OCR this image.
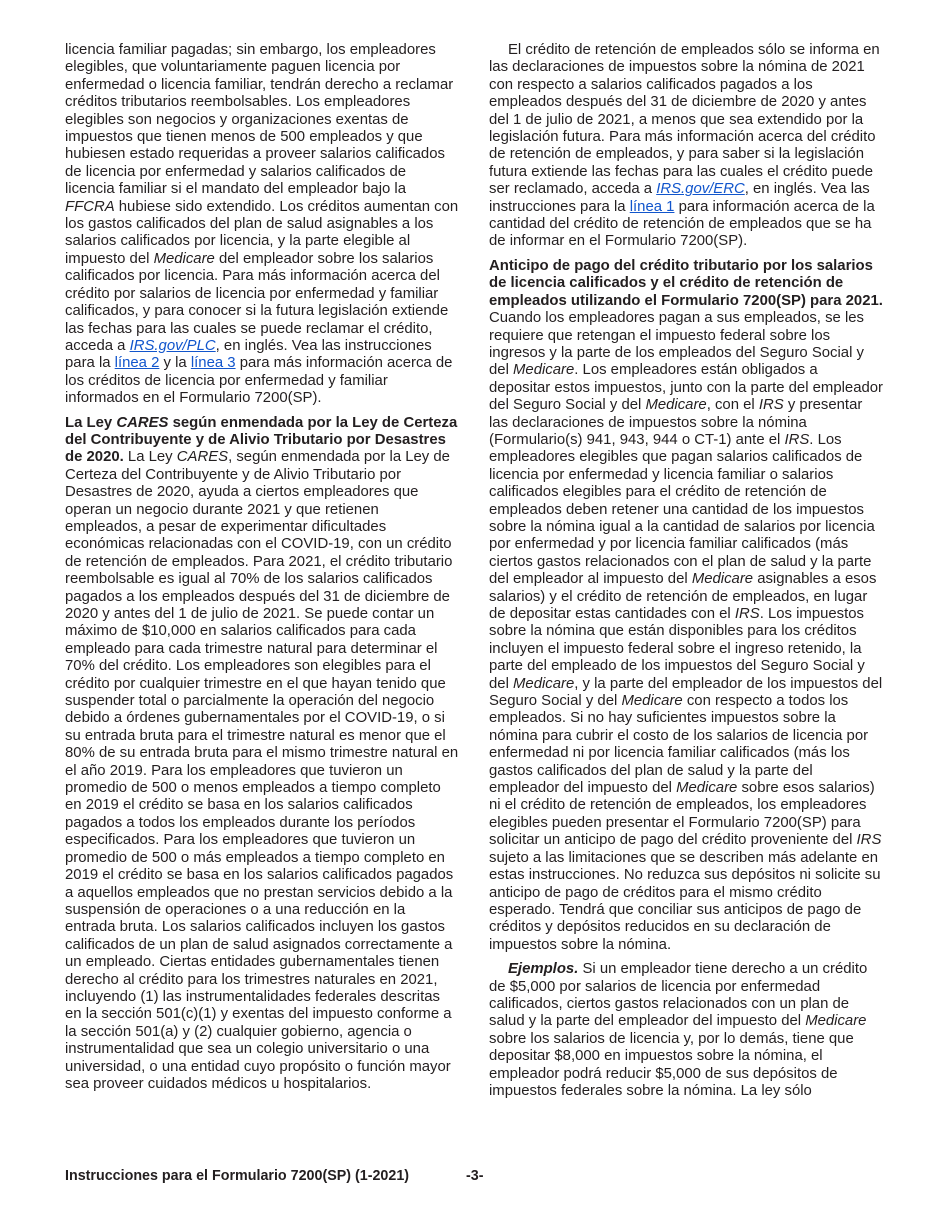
licencia familiar pagadas; sin embargo, los empleadores elegibles, que voluntariamente paguen licencia por enfermedad o licencia familiar, tendrán derecho a reclamar créditos tributarios reembolsables. Los empleadores elegibles son negocios y organizaciones exentas de impuestos que tienen menos de 500 empleados y que hubiesen estado requeridas a proveer salarios calificados de licencia por enfermedad y salarios calificados de licencia familiar si el mandato del empleador bajo la FFCRA hubiese sido extendido. Los créditos aumentan con los gastos calificados del plan de salud asignables a los salarios calificados por licencia, y la parte elegible al impuesto del Medicare del empleador sobre los salarios calificados por licencia. Para más información acerca del crédito por salarios de licencia por enfermedad y familiar calificados, y para conocer si la futura legislación extiende las fechas para las cuales se puede reclamar el crédito, acceda a IRS.gov/PLC, en inglés. Vea las instrucciones para la línea 2 y la línea 3 para más información acerca de los créditos de licencia por enfermedad y familiar informados en el Formulario 7200(SP).

La Ley CARES según enmendada por la Ley de Certeza del Contribuyente y de Alivio Tributario por Desastres de 2020. La Ley CARES, según enmendada por la Ley de Certeza del Contribuyente y de Alivio Tributario por Desastres de 2020, ayuda a ciertos empleadores que operan un negocio durante 2021 y que retienen empleados, a pesar de experimentar dificultades económicas relacionadas con el COVID-19, con un crédito de retención de empleados. Para 2021, el crédito tributario reembolsable es igual al 70% de los salarios calificados pagados a los empleados después del 31 de diciembre de 2020 y antes del 1 de julio de 2021. Se puede contar un máximo de $10,000 en salarios calificados para cada empleado para cada trimestre natural para determinar el 70% del crédito. Los empleadores son elegibles para el crédito por cualquier trimestre en el que hayan tenido que suspender total o parcialmente la operación del negocio debido a órdenes gubernamentales por el COVID-19, o si su entrada bruta para el trimestre natural es menor que el 80% de su entrada bruta para el mismo trimestre natural en el año 2019. Para los empleadores que tuvieron un promedio de 500 o menos empleados a tiempo completo en 2019 el crédito se basa en los salarios calificados pagados a todos los empleados durante los períodos especificados. Para los empleadores que tuvieron un promedio de 500 o más empleados a tiempo completo en 2019 el crédito se basa en los salarios calificados pagados a aquellos empleados que no prestan servicios debido a la suspensión de operaciones o a una reducción en la entrada bruta. Los salarios calificados incluyen los gastos calificados de un plan de salud asignados correctamente a un empleado. Ciertas entidades gubernamentales tienen derecho al crédito para los trimestres naturales en 2021, incluyendo (1) las instrumentalidades federales descritas en la sección 501(c)(1) y exentas del impuesto conforme a la sección 501(a) y (2) cualquier gobierno, agencia o instrumentalidad que sea un colegio universitario o una universidad, o una entidad cuyo propósito o función mayor sea proveer cuidados médicos u hospitalarios.

El crédito de retención de empleados sólo se informa en las declaraciones de impuestos sobre la nómina de 2021 con respecto a salarios calificados pagados a los empleados después del 31 de diciembre de 2020 y antes del 1 de julio de 2021, a menos que sea extendido por la legislación futura. Para más información acerca del crédito de retención de empleados, y para saber si la legislación futura extiende las fechas para las cuales el crédito puede ser reclamado, acceda a IRS.gov/ERC, en inglés. Vea las instrucciones para la línea 1 para información acerca de la cantidad del crédito de retención de empleados que se ha de informar en el Formulario 7200(SP).

Anticipo de pago del crédito tributario por los salarios de licencia calificados y el crédito de retención de empleados utilizando el Formulario 7200(SP) para 2021. Cuando los empleadores pagan a sus empleados, se les requiere que retengan el impuesto federal sobre los ingresos y la parte de los empleados del Seguro Social y del Medicare. Los empleadores están obligados a depositar estos impuestos, junto con la parte del empleador del Seguro Social y del Medicare, con el IRS y presentar las declaraciones de impuestos sobre la nómina (Formulario(s) 941, 943, 944 o CT-1) ante el IRS. Los empleadores elegibles que pagan salarios calificados de licencia por enfermedad y licencia familiar o salarios calificados elegibles para el crédito de retención de empleados deben retener una cantidad de los impuestos sobre la nómina igual a la cantidad de salarios por licencia por enfermedad y por licencia familiar calificados (más ciertos gastos relacionados con el plan de salud y la parte del empleador al impuesto del Medicare asignables a esos salarios) y el crédito de retención de empleados, en lugar de depositar estas cantidades con el IRS. Los impuestos sobre la nómina que están disponibles para los créditos incluyen el impuesto federal sobre el ingreso retenido, la parte del empleado de los impuestos del Seguro Social y del Medicare, y la parte del empleador de los impuestos del Seguro Social y del Medicare con respecto a todos los empleados. Si no hay suficientes impuestos sobre la nómina para cubrir el costo de los salarios de licencia por enfermedad ni por licencia familiar calificados (más los gastos calificados del plan de salud y la parte del empleador del impuesto del Medicare sobre esos salarios) ni el crédito de retención de empleados, los empleadores elegibles pueden presentar el Formulario 7200(SP) para solicitar un anticipo de pago del crédito proveniente del IRS sujeto a las limitaciones que se describen más adelante en estas instrucciones. No reduzca sus depósitos ni solicite su anticipo de pago de créditos para el mismo crédito esperado. Tendrá que conciliar sus anticipos de pago de créditos y depósitos reducidos en su declaración de impuestos sobre la nómina.

Ejemplos. Si un empleador tiene derecho a un crédito de $5,000 por salarios de licencia por enfermedad calificados, ciertos gastos relacionados con un plan de salud y la parte del empleador del impuesto del Medicare sobre los salarios de licencia y, por lo demás, tiene que depositar $8,000 en impuestos sobre la nómina, el empleador podrá reducir $5,000 de sus depósitos de impuestos federales sobre la nómina. La ley sólo

Instrucciones para el Formulario 7200(SP) (1-2021)	-3-
